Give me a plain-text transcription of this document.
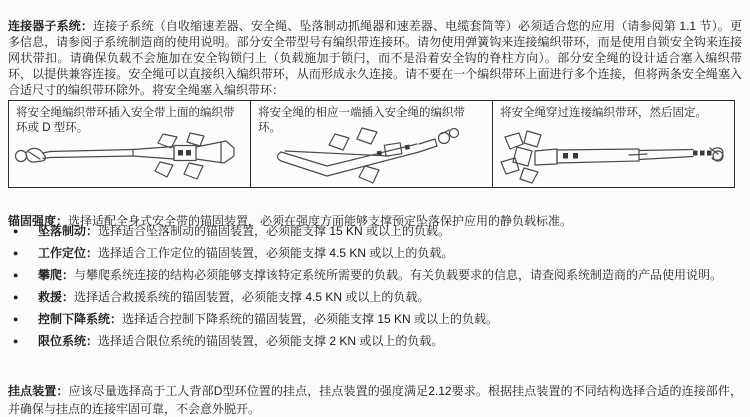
连接器子系统：连接子系统（自收缩速差器、安全绳、坠落制动抓绳器和速差器、电缆套筒等）必须适合您的应用（请参阅第 1.1 节）。更多信息，请参阅子系统制造商的使用说明。部分安全带型号有编织带连接环。请勿使用弹簧钩来连接编织带环，而是使用自锁安全钩来连接网状带扣。请确保负载不会施加在安全钩锁闩上（负载施加于锁闩，而不是沿着安全钩的脊柱方向）。部分安全绳的设计适合塞入编织带环，以提供兼容连接。安全绳可以直接织入编织带环，从而形成永久连接。请不要在一个编织带环上面进行多个连接，但将两条安全绳塞入合适尺寸的编织带环除外。将安全绳塞入编织带环：

将安全绳编织带环插入安全带上面的编织带环或 D 型环。
将安全绳的相应一端插入安全绳的编织带环。
将安全绳穿过连接编织带环，然后固定。

锚固强度：选择适配全身式安全带的锚固装置，必须在强度方面能够支撑预定坠落保护应用的静负载标准。

● 坠落制动：选择适合坠落制动的锚固装置，必须能支撑 15 KN 或以上的负载。
● 工作定位：选择适合工作定位的锚固装置，必须能支撑 4.5 KN 或以上的负载。
● 攀爬：与攀爬系统连接的结构必须能够支撑该特定系统所需要的负载。有关负载要求的信息，请查阅系统制造商的产品使用说明。
● 救援：选择适合救援系统的锚固装置，必须能支撑 4.5 KN 或以上的负载。
● 控制下降系统：选择适合控制下降系统的锚固装置，必须能支撑 15 KN 或以上的负载。
● 限位系统：选择适合限位系统的锚固装置，必须能支撑 2 KN 或以上的负载。

挂点装置：应该尽量选择高于工人背部D型环位置的挂点，挂点装置的强度满足2.12要求。根据挂点装置的不同结构选择合适的连接部件，并确保与挂点的连接牢固可靠，不会意外脱开。
